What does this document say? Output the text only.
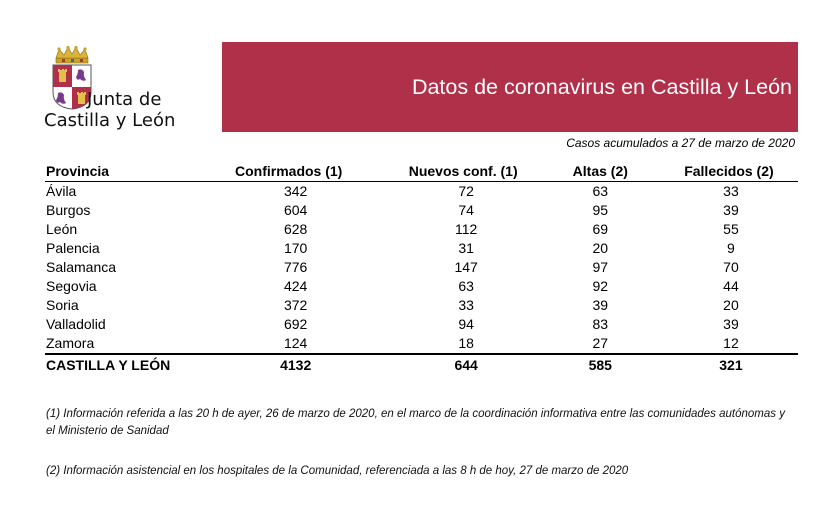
Junta de
Castilla y León
Datos de coronavirus en Castilla y León
Casos acumulados a 27 de marzo de 2020
Provincia	Confirmados (1)	Nuevos conf. (1)	Altas (2)	Fallecidos (2)
Ávila	342	72	63	33
Burgos	604	74	95	39
León	628	112	69	55
Palencia	170	31	20	9
Salamanca	776	147	97	70
Segovia	424	63	92	44
Soria	372	33	39	20
Valladolid	692	94	83	39
Zamora	124	18	27	12
CASTILLA Y LEÓN	4132	644	585	321
(1) Información referida a las 20 h de ayer, 26 de marzo de 2020, en el marco de la coordinación informativa entre las comunidades autónomas y el Ministerio de Sanidad
(2) Información asistencial en los hospitales de la Comunidad, referenciada a las 8 h de hoy, 27 de marzo de 2020
